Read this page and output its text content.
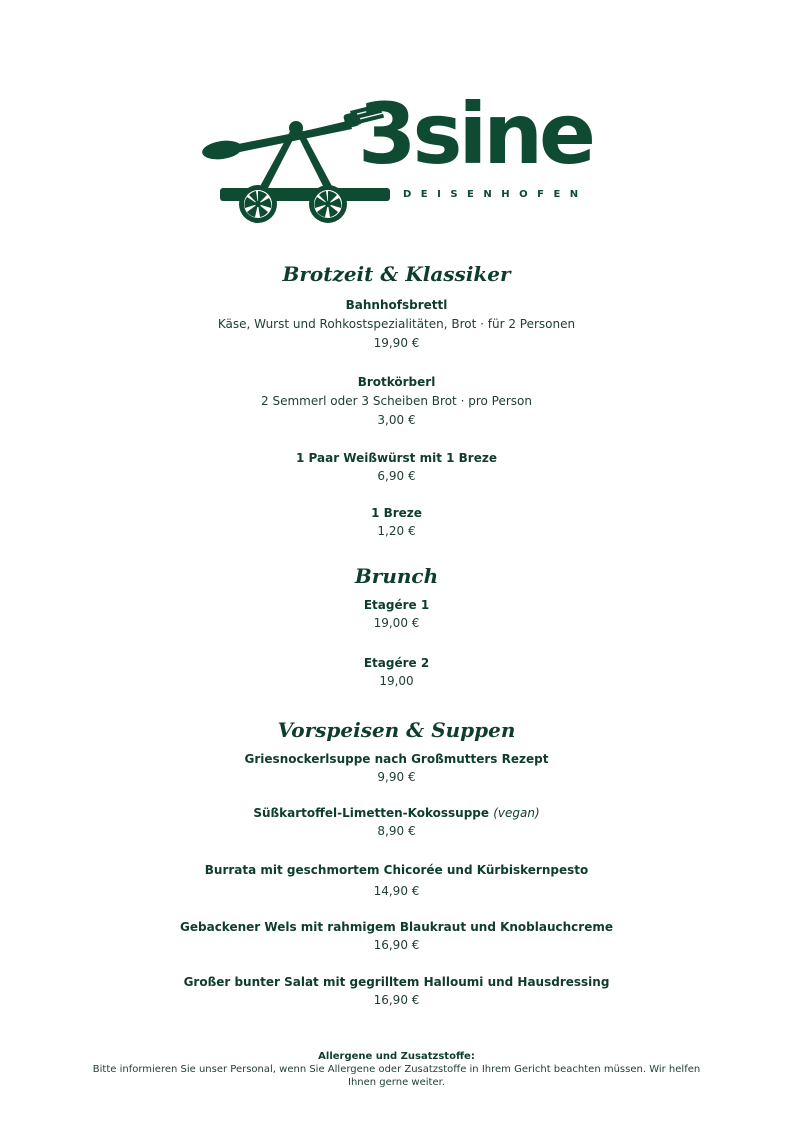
3sine
DEISENHOFEN
Brotzeit & Klassiker

Bahnhofsbrettl

Käse, Wurst und Rohkostspezialitäten, Brot · für 2 Personen

19,90 €

Brotkörberl

2 Semmerl oder 3 Scheiben Brot · pro Person

3,00 €

1 Paar Weißwürst mit 1 Breze

6,90 €

1 Breze

1,20 €

Brunch

Etagére 1

19,00 €

Etagére 2

19,00

Vorspeisen & Suppen

Griesnockerlsuppe nach Großmutters Rezept

9,90 €

Süßkartoffel-Limetten-Kokossuppe (vegan)

8,90 €

Burrata mit geschmortem Chicorée und Kürbiskernpesto

14,90 €

Gebackener Wels mit rahmigem Blaukraut und Knoblauchcreme

16,90 €

Großer bunter Salat mit gegrilltem Halloumi und Hausdressing

16,90 €

Allergene und Zusatzstoffe:

Bitte informieren Sie unser Personal, wenn Sie Allergene oder Zusatzstoffe in Ihrem Gericht beachten müssen. Wir helfen Ihnen gerne weiter.
